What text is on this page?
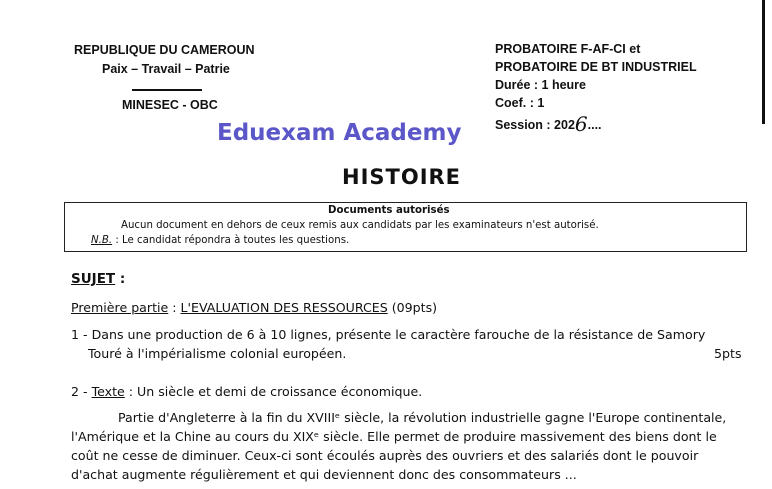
REPUBLIQUE DU CAMEROUN
Paix – Travail – Patrie
MINESEC - OBC
PROBATOIRE F-AF-CI et
PROBATOIRE DE BT INDUSTRIEL
Durée : 1 heure
Coef. : 1
Session : 2026....
Eduexam Academy
HISTOIRE
Documents autorisés
Aucun document en dehors de ceux remis aux candidats par les examinateurs n'est autorisé.
N.B. : Le candidat répondra à toutes les questions.
SUJET :
Première partie : L'EVALUATION DES RESSOURCES (09pts)
1 - Dans une production de 6 à 10 lignes, présente le caractère farouche de la résistance de Samory
Touré à l'impérialisme colonial européen.	5pts
2 - Texte : Un siècle et demi de croissance économique.
Partie d'Angleterre à la fin du XVIIIᵉ siècle, la révolution industrielle gagne l'Europe continentale,
l'Amérique et la Chine au cours du XIXᵉ siècle. Elle permet de produire massivement des biens dont le
coût ne cesse de diminuer. Ceux-ci sont écoulés auprès des ouvriers et des salariés dont le pouvoir
d'achat augmente régulièrement et qui deviennent donc des consommateurs ...
